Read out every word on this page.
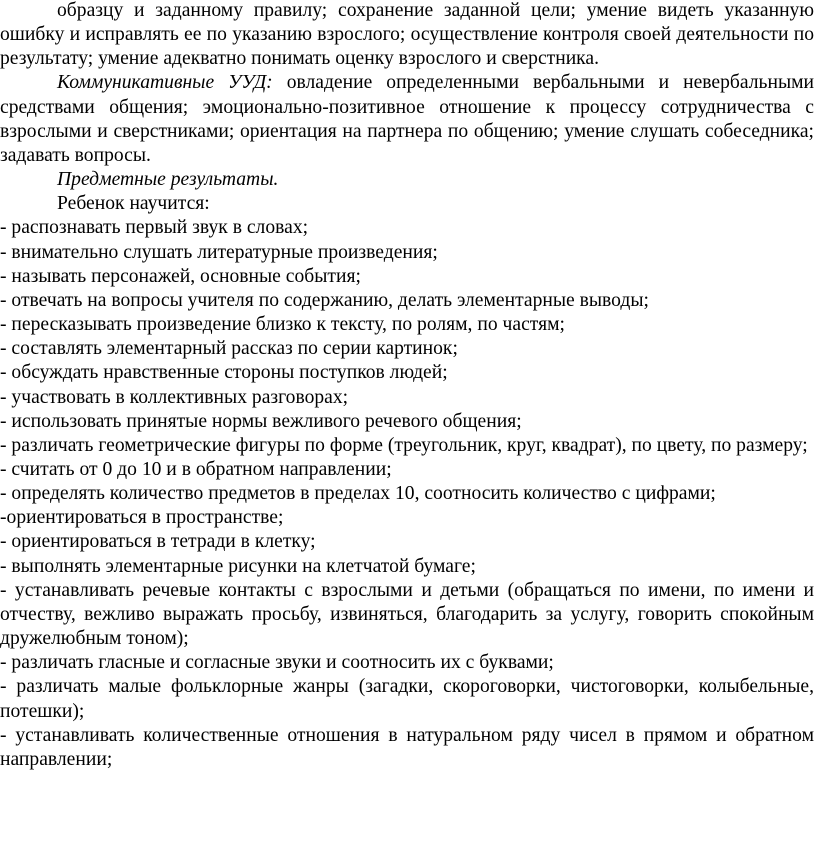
образцу и заданному правилу; сохранение заданной цели; умение видеть указанную ошибку и исправлять ее по указанию взрослого; осуществление контроля своей деятельности по результату; умение адекватно понимать оценку взрослого и сверстника.

Коммуникативные УУД: овладение определенными вербальными и невербальными средствами общения; эмоционально-позитивное отношение к процессу сотрудничества с взрослыми и сверстниками; ориентация на партнера по общению; умение слушать собеседника; задавать вопросы.

Предметные результаты.

Ребенок научится:

- распознавать первый звук в словах;

- внимательно слушать литературные произведения;

- называть персонажей, основные события;

- отвечать на вопросы учителя по содержанию, делать элементарные выводы;

- пересказывать произведение близко к тексту, по ролям, по частям;

- составлять элементарный рассказ по серии картинок;

- обсуждать нравственные стороны поступков людей;

- участвовать в коллективных разговорах;

- использовать принятые нормы вежливого речевого общения;

- различать геометрические фигуры по форме (треугольник, круг, квадрат), по цвету, по размеру;

- считать от 0 до 10 и в обратном направлении;

- определять количество предметов в пределах 10, соотносить количество с цифрами;

-ориентироваться в пространстве;

- ориентироваться в тетради в клетку;

- выполнять элементарные рисунки на клетчатой бумаге;

- устанавливать речевые контакты с взрослыми и детьми (обращаться по имени, по имени и отчеству, вежливо выражать просьбу, извиняться, благодарить за услугу, говорить спокойным дружелюбным тоном);

- различать гласные и согласные звуки и соотносить их с буквами;

- различать малые фольклорные жанры (загадки, скороговорки, чистоговорки, колыбельные, потешки);

- устанавливать количественные отношения в натуральном ряду чисел в прямом и обратном направлении;
